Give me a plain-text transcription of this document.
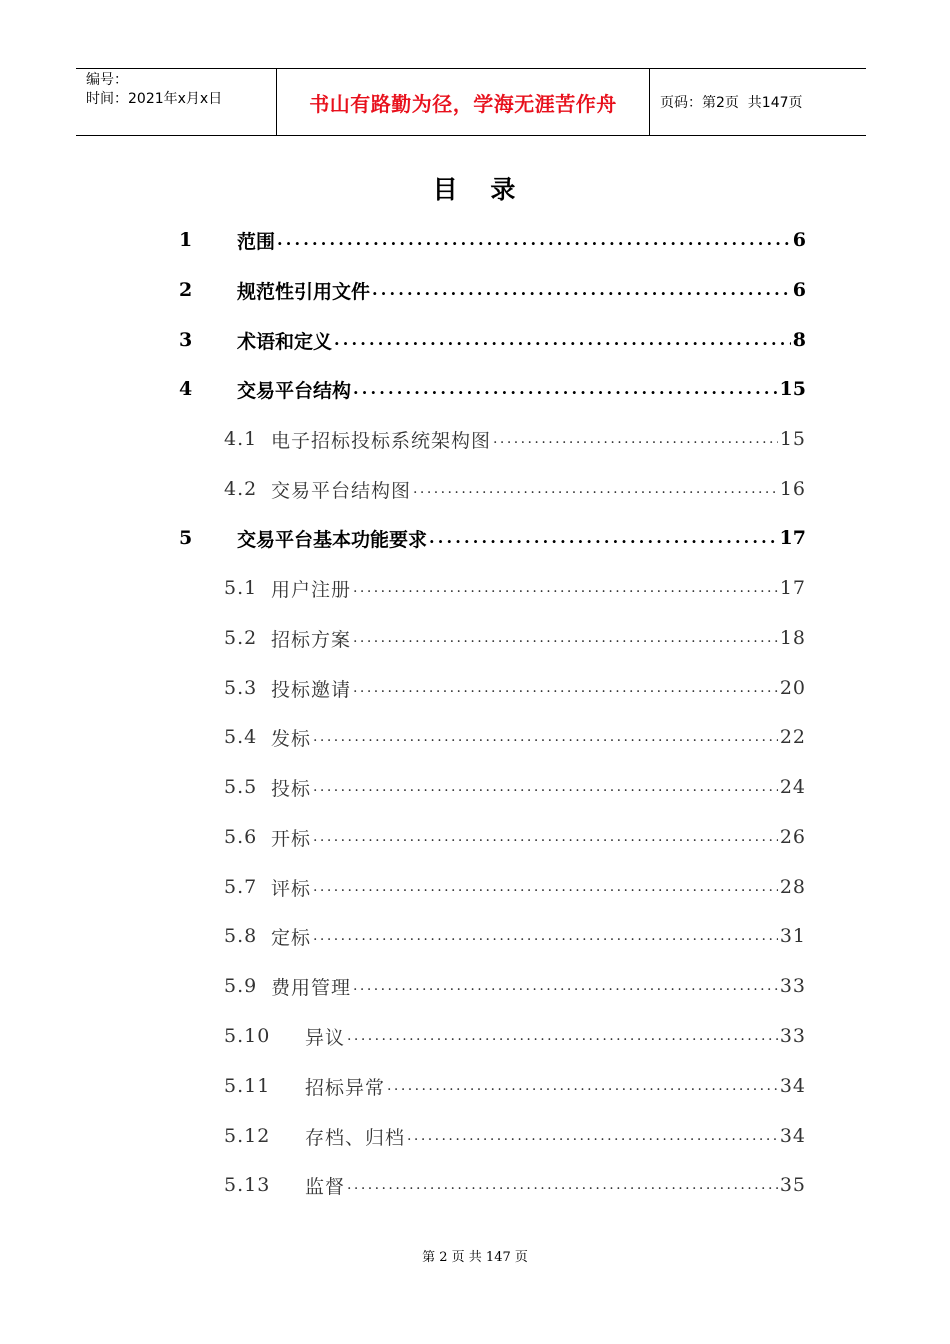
编号：
时间：2021年x月x日	书山有路勤为径，学海无涯苦作舟	页码：第2页  共147页
目 录
1	范围 . . .	6
2	规范性引用文件 . . .	6
3	术语和定义 . . .	8
4	交易平台结构 . . .	15
4.1 电子招标投标系统架构图 . . .	15
4.2 交易平台结构图 . . .	16
5	交易平台基本功能要求 . . .	17
5.1 用户注册 . . .	17
5.2 招标方案 . . .	18
5.3 投标邀请 . . .	20
5.4 发标 . . .	22
5.5 投标 . . .	24
5.6 开标 . . .	26
5.7 评标 . . .	28
5.8 定标 . . .	31
5.9 费用管理 . . .	33
5.10	异议 . . .	33
5.11	招标异常 . . .	34
5.12	存档、归档 . . .	34
5.13	监督 . . .	35
第 2 页 共 147 页
